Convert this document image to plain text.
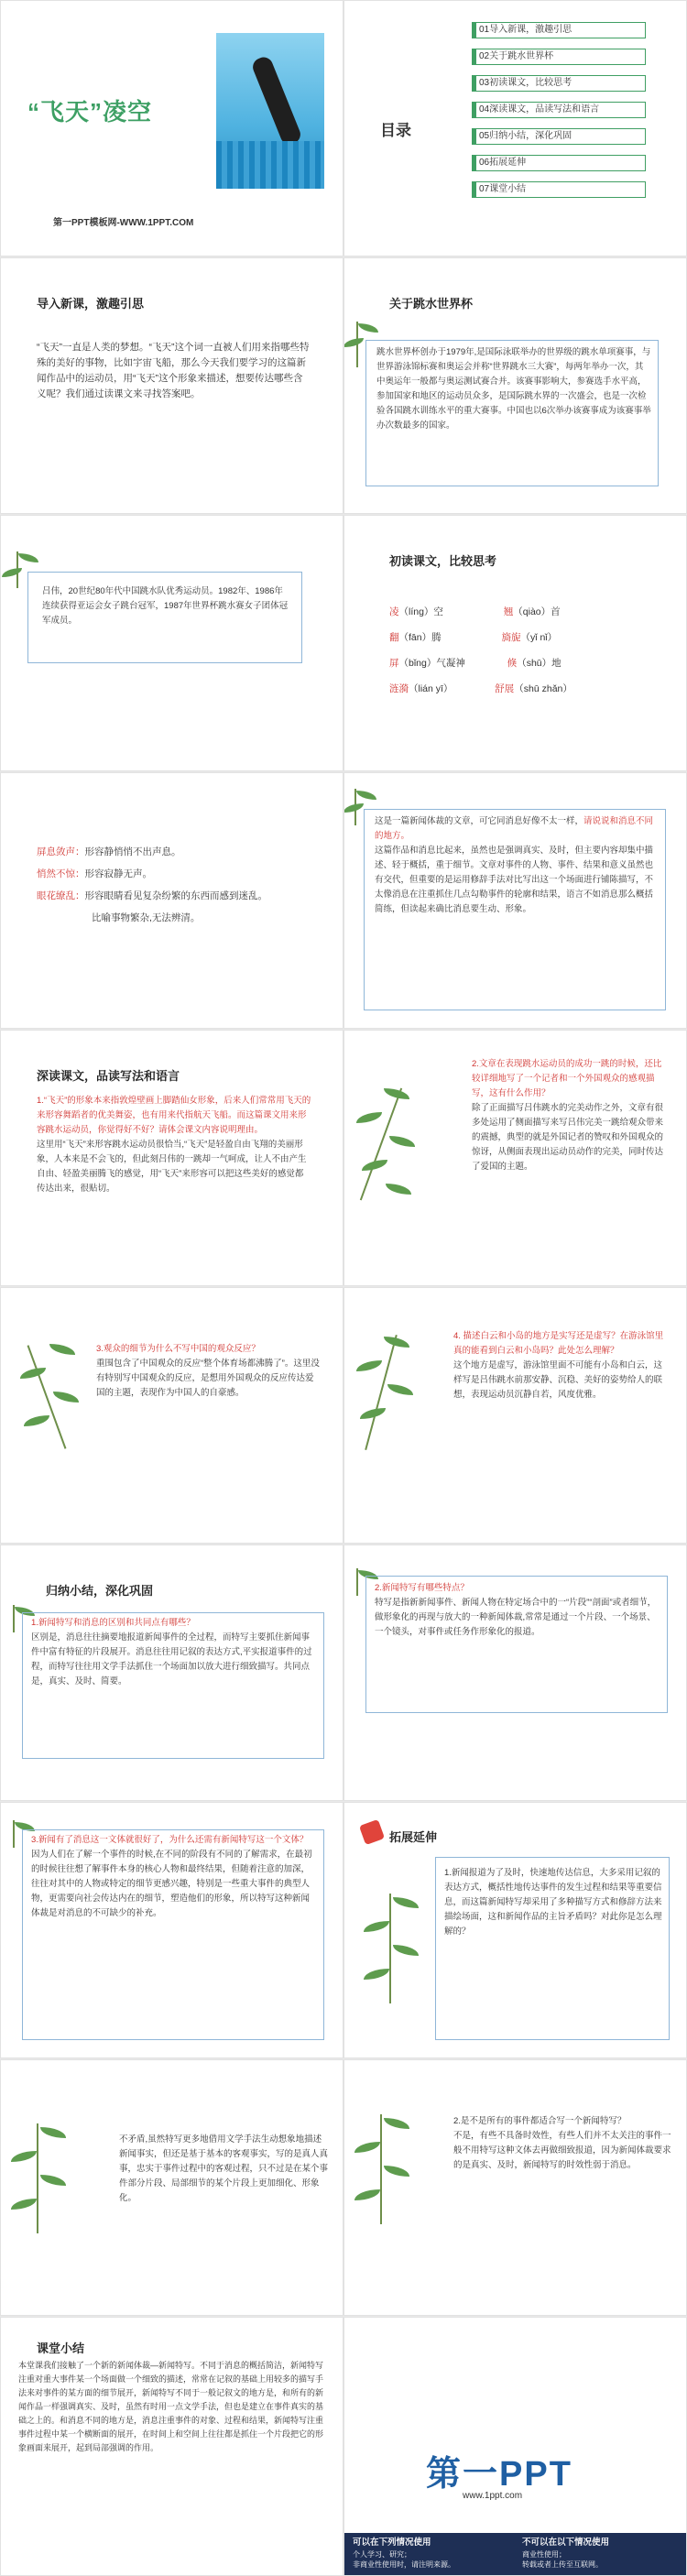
“飞天”凌空
第一PPT模板网-WWW.1PPT.COM
目录
01导入新课，激趣引思
02关于跳水世界杯
03初读课文，比较思考
04深读课文，品读写法和语言
05归纳小结，深化巩固
06拓展延伸
07课堂小结
导入新课，激趣引思
“飞天”一直是人类的梦想。“飞天”这个词一直被人们用来指哪些特殊的美好的事物，比如宇宙飞船，那么今天我们要学习的这篇新闻作品中的运动员，用“飞天”这个形象来描述，想要传达哪些含义呢？我们通过读课文来寻找答案吧。
关于跳水世界杯
跳水世界杯创办于1979年,是国际泳联举办的世界级的跳水单项赛事，与世界游泳锦标赛和奥运会并称“世界跳水三大赛”，每两年举办一次，其中奥运年一般都与奥运测试赛合并。该赛事影响大，参赛选手水平高，参加国家和地区的运动员众多，是国际跳水界的一次盛会，也是一次检验各国跳水训练水平的重大赛事。中国也以6次举办该赛事成为该赛事举办次数最多的国家。
吕伟，20世纪80年代中国跳水队优秀运动员。1982年、1986年连续获得亚运会女子跳台冠军，1987年世界杯跳水赛女子团体冠军成员。
初读课文，比较思考
凌（líng）空	翘（qiào）首
翻（fān）腾	旖旎（yǐ nǐ）
屏（bǐng）气凝神	倏（shū）地
涟漪（lián yī）	舒展（shū zhǎn）
屏息敛声：形容静悄悄不出声息。
悄然不惊：形容寂静无声。
眼花缭乱：形容眼睛看见复杂纷繁的东西而感到迷乱。
比喻事物繁杂,无法辨清。
这是一篇新闻体裁的文章，可它同消息好像不太一样，请说说和消息不同的地方。
这篇作品和消息比起来，虽然也是强调真实、及时，但主要内容却集中描述、轻于概括，重于细节。文章对事件的人物、事件、结果和意义虽然也有交代，但重要的是运用修辞手法对比写出这一个场面进行铺陈描写，不太像消息在注重抓住几点勾勒事件的轮廓和结果，语言不如消息那么概括简练，但读起来确比消息要生动、形象。
深读课文，品读写法和语言
1.“飞天”的形象本来指敦煌壁画上脚踏仙女形象，后来人们常常用飞天的来形容舞蹈者的优美舞姿，也有用来代指航天飞船。而这篇课文用来形容跳水运动员，你觉得好不好？请体会课文内容说明理由。
这里用“飞天”来形容跳水运动员很恰当,“飞天”是轻盈自由飞翔的美丽形象，人本来是不会飞的，但此刻吕伟的一跳却一气呵成，让人不由产生自由、轻盈美丽腾飞的感觉，用“飞天”来形容可以把这些美好的感觉都传达出来，很贴切。
2.文章在表现跳水运动员的成功一跳的时候，还比较详细地写了一个记者和一个外国观众的感观描写，这有什么作用？
除了正面描写吕伟跳水的完美动作之外，文章有很多处运用了侧面描写来写吕伟完美一跳给观众带来的震撼，典型的就是外国记者的赞叹和外国观众的惊讶，从侧面表现出运动员动作的完美，同时传达了爱国的主题。
3.观众的细节为什么不写中国的观众反应？
重围包含了中国观众的反应“整个体育场都沸腾了”。这里没有特别写中国观众的反应，是想用外国观众的反应传达爱国的主题，表现作为中国人的自豪感。
4. 描述白云和小岛的地方是实写还是虚写？在游泳馆里真的能看到白云和小岛吗？此处怎么理解？
这个地方是虚写，游泳馆里面不可能有小岛和白云，这样写是吕伟跳水前那安静、沉稳、美好的姿势给人的联想，表现运动员沉静自若，风度优雅。
归纳小结，深化巩固
1.新闻特写和消息的区别和共同点有哪些？
区别是，消息往往摘要地报道新闻事件的全过程，而特写主要抓住新闻事件中富有特征的片段展开。消息往往用记叙的表达方式,平实报道事件的过程，而特写往往用文学手法抓住一个场面加以放大进行细致描写。共同点是，真实、及时、简要。
2.新闻特写有哪些特点？
特写是指新新闻事件、新闻人物在特定场合中的一“片段”“剖面”或者细节，做形象化的再现与放大的一种新闻体裁,常常是通过一个片段、一个场景、一个镜头，对事件或任务作形象化的报道。
3.新闻有了消息这一文体就很好了，为什么还需有新闻特写这一个文体？
因为人们在了解一个事件的时候,在不同的阶段有不同的了解需求，在最初的时候往往想了解事件本身的核心人物和最终结果，但随着注意的加深，往往对其中的人物或特定的细节更感兴趣，特别是一些重大事件的典型人物，更需要向社会传达内在的细节，塑造他们的形象，所以特写这种新闻体裁是对消息的不可缺少的补充。
拓展延伸
1.新闻报道为了及时，快速地传达信息，大多采用记叙的表达方式，概括性地传达事件的发生过程和结果等重要信息，而这篇新闻特写却采用了多种描写方式和修辞方法来描绘场面，这和新闻作品的主旨矛盾吗？对此你是怎么理解的？
不矛盾,虽然特写更多地借用文学手法生动想象地描述新闻事实，但还是基于基本的客观事实，写的是真人真事，忠实于事件过程中的客观过程，只不过是在某个事件部分片段、局部细节的某个片段上更加细化、形象化。
2.是不是所有的事件都适合写一个新闻特写？
不是，有些不具备时效性，有些人们并不太关注的事件一般不用特写这种文体去再做细致报道，因为新闻体裁要求的是真实、及时，新闻特写的时效性弱于消息。
课堂小结
本堂课我们接触了一个新的新闻体裁—新闻特写。不同于消息的概括简洁，新闻特写注重对重大事件某一个场面做一个细致的描述，常常在记叙的基础上用较多的描写手法来对事件的某方面的细节展开，新闻特写不同于一般记叙文的地方是，和所有的新闻作品一样强调真实、及时，虽然有时用一点文学手法，但也是建立在事件真实的基础之上的。和消息不同的地方是，消息注重事件的对象、过程和结果，新闻特写注重事件过程中某一个横断面的展开，在时间上和空间上往往都是抓住一个片段把它的形象画面来展开，起到局部强调的作用。
第一PPT
www.1ppt.com
可以在下列情况使用
个人学习、研究；
非商业性使用时，请注明来源。
不可以在以下情况使用
商业性使用；
转载或者上传至互联网。
